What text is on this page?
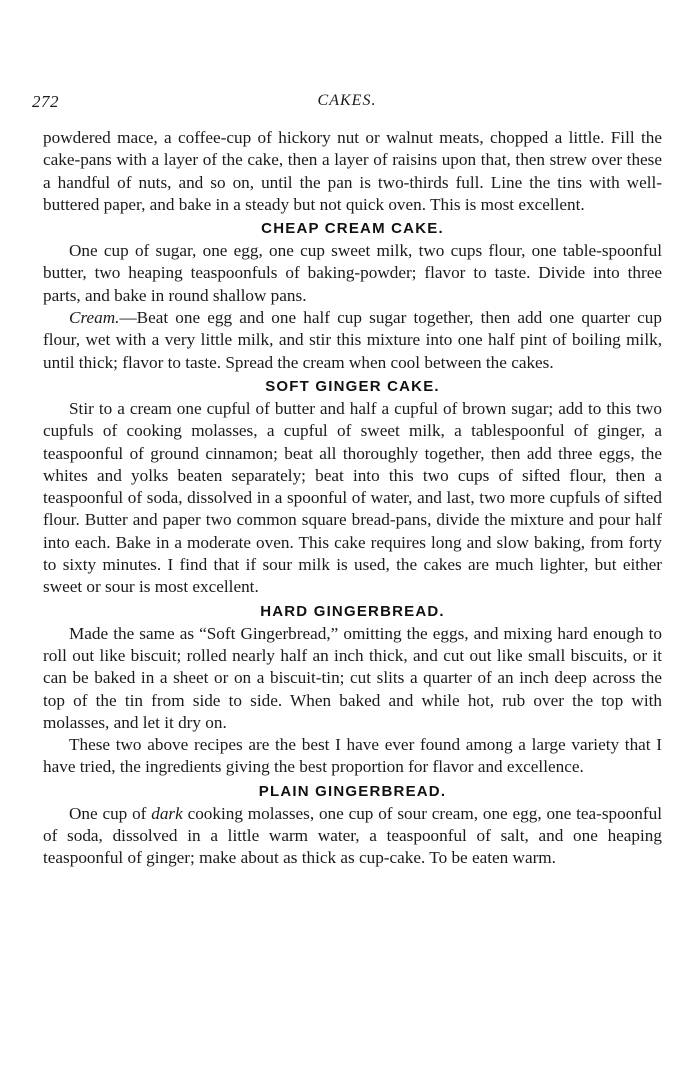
272	CAKES.

powdered mace, a coffee-cup of hickory nut or walnut meats, chopped a little. Fill the cake-pans with a layer of the cake, then a layer of raisins upon that, then strew over these a handful of nuts, and so on, until the pan is two-thirds full. Line the tins with well-buttered paper, and bake in a steady but not quick oven. This is most excellent.

CHEAP CREAM CAKE.

One cup of sugar, one egg, one cup sweet milk, two cups flour, one table-spoonful butter, two heaping teaspoonfuls of baking-powder; flavor to taste. Divide into three parts, and bake in round shallow pans.

Cream.—Beat one egg and one half cup sugar together, then add one quarter cup flour, wet with a very little milk, and stir this mixture into one half pint of boiling milk, until thick; flavor to taste. Spread the cream when cool between the cakes.

SOFT GINGER CAKE.

Stir to a cream one cupful of butter and half a cupful of brown sugar; add to this two cupfuls of cooking molasses, a cupful of sweet milk, a tablespoonful of ginger, a teaspoonful of ground cinnamon; beat all thoroughly together, then add three eggs, the whites and yolks beaten separately; beat into this two cups of sifted flour, then a teaspoonful of soda, dissolved in a spoonful of water, and last, two more cupfuls of sifted flour. Butter and paper two common square bread-pans, divide the mixture and pour half into each. Bake in a moderate oven. This cake requires long and slow baking, from forty to sixty minutes. I find that if sour milk is used, the cakes are much lighter, but either sweet or sour is most excellent.

HARD GINGERBREAD.

Made the same as “Soft Gingerbread,” omitting the eggs, and mixing hard enough to roll out like biscuit; rolled nearly half an inch thick, and cut out like small biscuits, or it can be baked in a sheet or on a biscuit-tin; cut slits a quarter of an inch deep across the top of the tin from side to side. When baked and while hot, rub over the top with molasses, and let it dry on.

These two above recipes are the best I have ever found among a large variety that I have tried, the ingredients giving the best proportion for flavor and excellence.

PLAIN GINGERBREAD.

One cup of dark cooking molasses, one cup of sour cream, one egg, one tea-spoonful of soda, dissolved in a little warm water, a teaspoonful of salt, and one heaping teaspoonful of ginger; make about as thick as cup-cake. To be eaten warm.
